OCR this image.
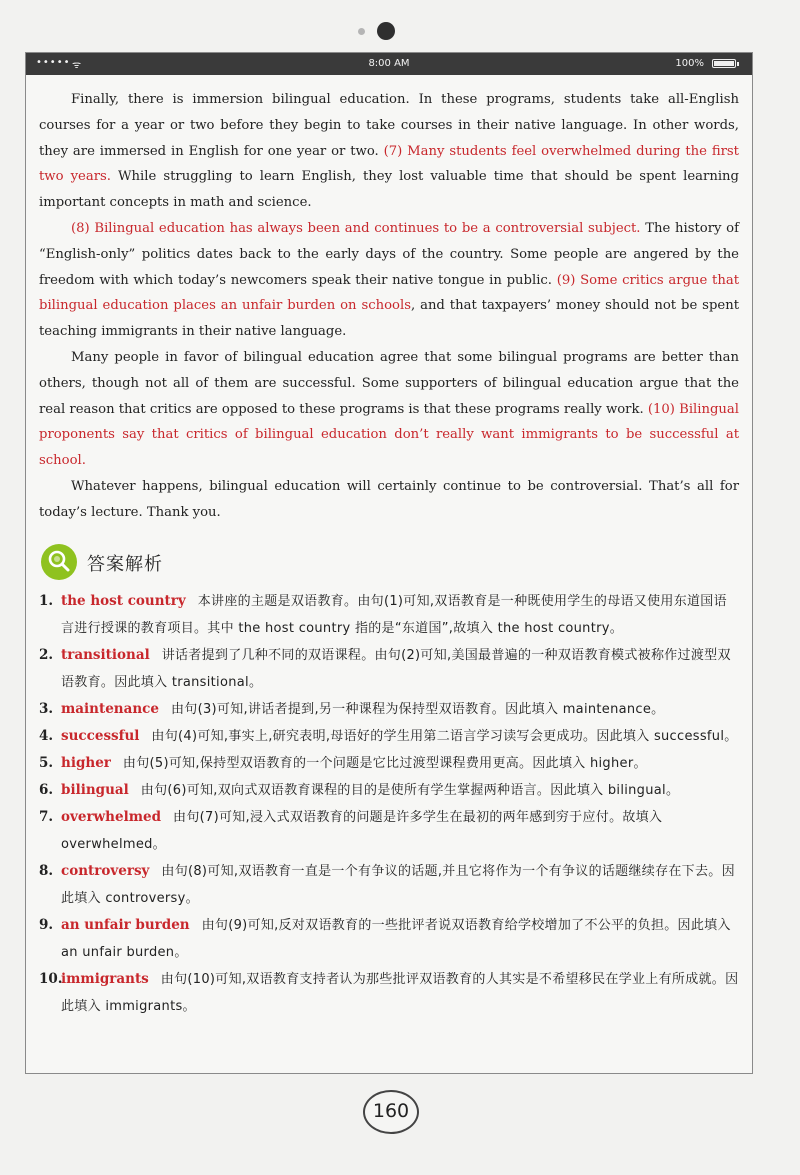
••••• ᯤ	8:00 AM	100%

Finally, there is immersion bilingual education. In these programs, students take all-English courses for a year or two before they begin to take courses in their native language. In other words, they are immersed in English for one year or two. (7) Many students feel overwhelmed during the first two years. While struggling to learn English, they lost valuable time that should be spent learning important concepts in math and science.

(8) Bilingual education has always been and continues to be a controversial subject. The history of “English-only” politics dates back to the early days of the country. Some people are angered by the freedom with which today’s newcomers speak their native tongue in public. (9) Some critics argue that bilingual education places an unfair burden on schools, and that taxpayers’ money should not be spent teaching immigrants in their native language.

Many people in favor of bilingual education agree that some bilingual programs are better than others, though not all of them are successful. Some supporters of bilingual education argue that the real reason that critics are opposed to these programs is that these programs really work. (10) Bilingual proponents say that critics of bilingual education don’t really want immigrants to be successful at school.

Whatever happens, bilingual education will certainly continue to be controversial. That’s all for today’s lecture. Thank you.

答案解析

1. the host country 本讲座的主题是双语教育。由句(1)可知,双语教育是一种既使用学生的母语又使用东道国语言进行授课的教育项目。其中 the host country 指的是“东道国”,故填入 the host country。

2. transitional 讲话者提到了几种不同的双语课程。由句(2)可知,美国最普遍的一种双语教育模式被称作过渡型双语教育。因此填入 transitional。

3. maintenance 由句(3)可知,讲话者提到,另一种课程为保持型双语教育。因此填入 maintenance。

4. successful 由句(4)可知,事实上,研究表明,母语好的学生用第二语言学习读写会更成功。因此填入 successful。

5. higher 由句(5)可知,保持型双语教育的一个问题是它比过渡型课程费用更高。因此填入 higher。

6. bilingual 由句(6)可知,双向式双语教育课程的目的是使所有学生掌握两种语言。因此填入 bilingual。

7. overwhelmed 由句(7)可知,浸入式双语教育的问题是许多学生在最初的两年感到穷于应付。故填入 overwhelmed。

8. controversy 由句(8)可知,双语教育一直是一个有争议的话题,并且它将作为一个有争议的话题继续存在下去。因此填入 controversy。

9. an unfair burden 由句(9)可知,反对双语教育的一些批评者说双语教育给学校增加了不公平的负担。因此填入 an unfair burden。

10.
immigrants 由句(10)可知,双语教育支持者认为那些批评双语教育的人其实是不希望移民在学业上有所成就。因此填入 immigrants。

160
